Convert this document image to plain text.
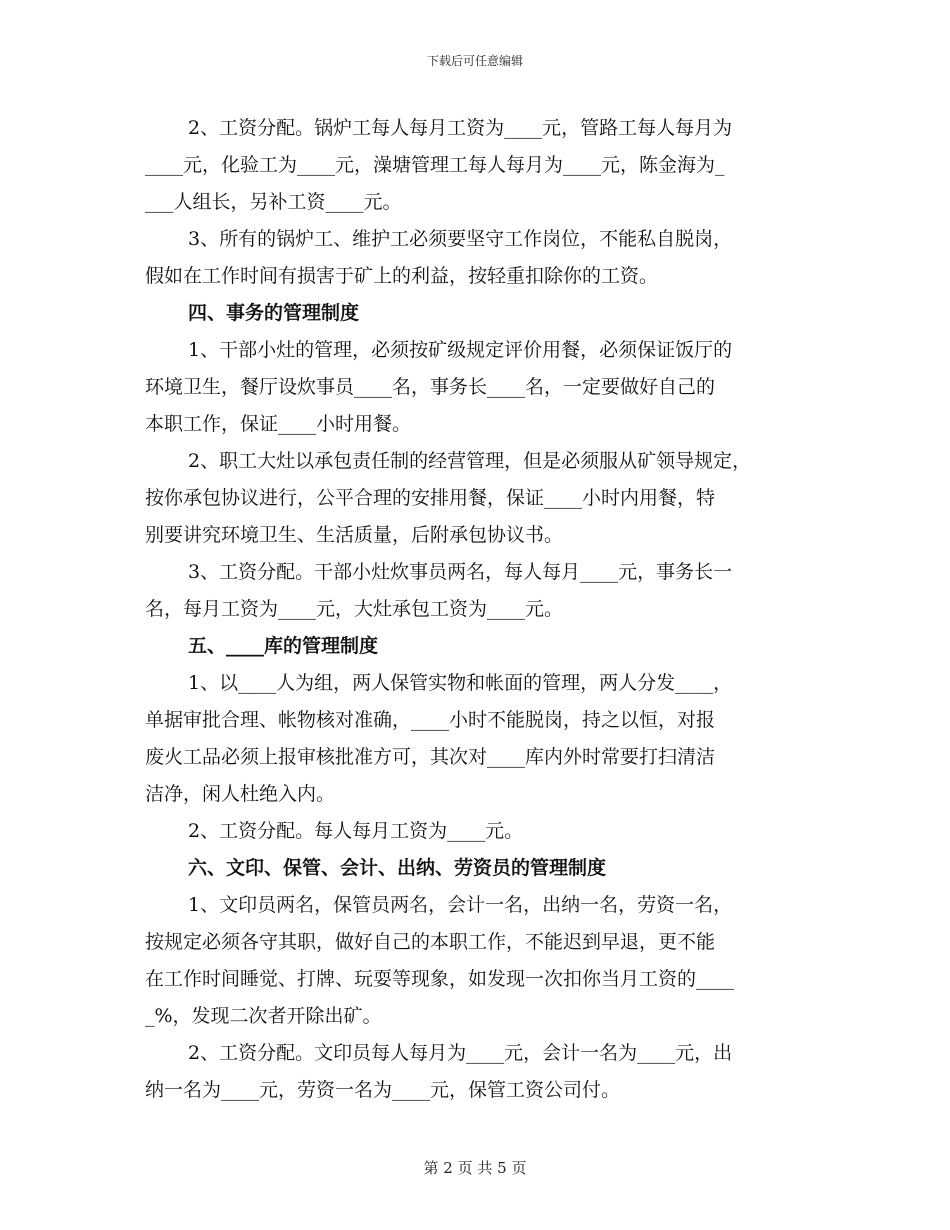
下载后可任意编辑
2、工资分配。锅炉工每人每月工资为____元，管路工每人每月为
____元，化验工为____元，澡塘管理工每人每月为____元，陈金海为_
___人组长，另补工资____元。
3、所有的锅炉工、维护工必须要坚守工作岗位，不能私自脱岗，
假如在工作时间有损害于矿上的利益，按轻重扣除你的工资。
四、事务的管理制度
1、干部小灶的管理，必须按矿级规定评价用餐，必须保证饭厅的
环境卫生，餐厅设炊事员____名，事务长____名，一定要做好自己的
本职工作，保证____小时用餐。
2、职工大灶以承包责任制的经营管理，但是必须服从矿领导规定，
按你承包协议进行，公平合理的安排用餐，保证____小时内用餐，特
别要讲究环境卫生、生活质量，后附承包协议书。
3、工资分配。干部小灶炊事员两名，每人每月____元，事务长一
名，每月工资为____元，大灶承包工资为____元。
五、____库的管理制度
1、以____人为组，两人保管实物和帐面的管理，两人分发____，
单据审批合理、帐物核对准确，____小时不能脱岗，持之以恒，对报
废火工品必须上报审核批准方可，其次对____库内外时常要打扫清洁
洁净，闲人杜绝入内。
2、工资分配。每人每月工资为____元。
六、文印、保管、会计、出纳、劳资员的管理制度
1、文印员两名，保管员两名，会计一名，出纳一名，劳资一名，
按规定必须各守其职，做好自己的本职工作，不能迟到早退，更不能
在工作时间睡觉、打牌、玩耍等现象，如发现一次扣你当月工资的____
_%，发现二次者开除出矿。
2、工资分配。文印员每人每月为____元，会计一名为____元，出
纳一名为____元，劳资一名为____元，保管工资公司付。
第 2 页 共 5 页
